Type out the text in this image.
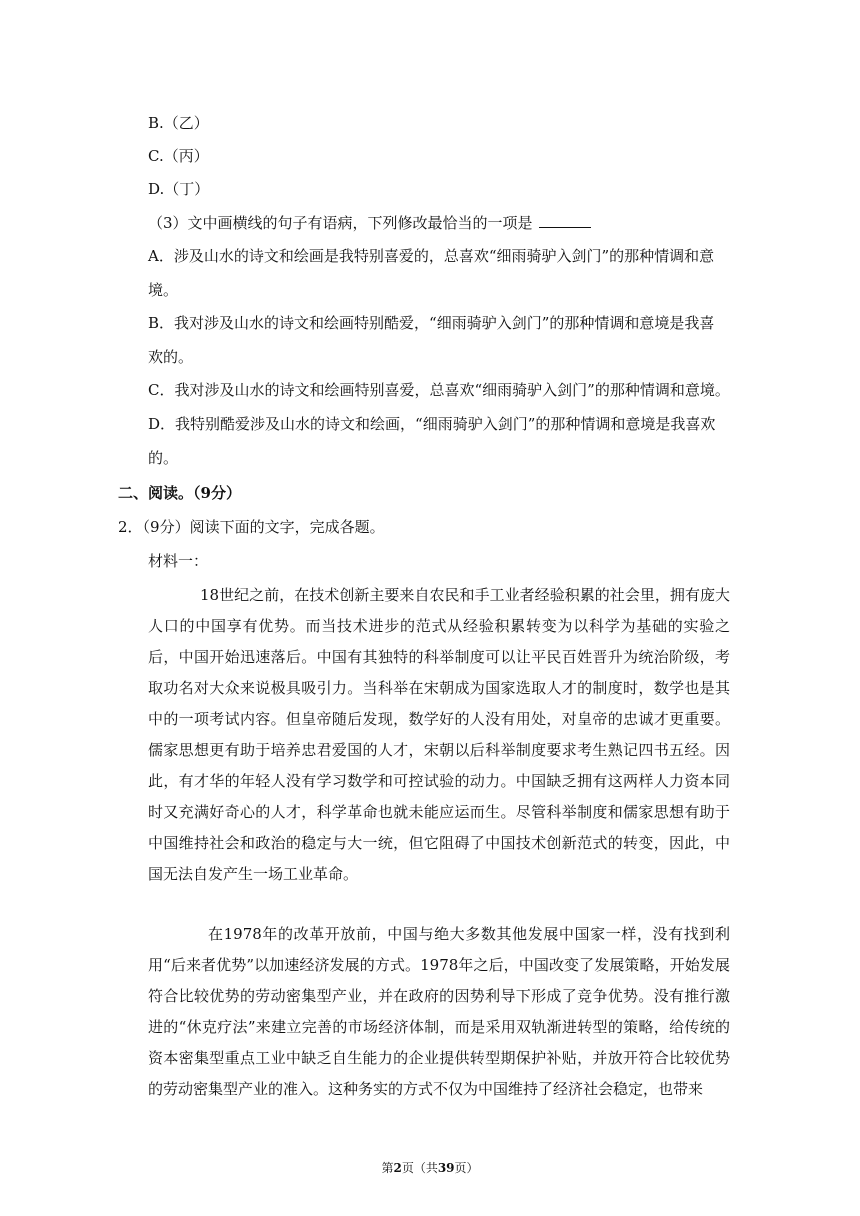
B.（乙）
C.（丙）
D.（丁）
（3）文中画横线的句子有语病，下列修改最恰当的一项是
A．涉及山水的诗文和绘画是我特别喜爱的，总喜欢“细雨骑驴入剑门”的那种情调和意
境。
B．我对涉及山水的诗文和绘画特别酷爱，“细雨骑驴入剑门”的那种情调和意境是我喜
欢的。
C．我对涉及山水的诗文和绘画特别喜爱，总喜欢“细雨骑驴入剑门”的那种情调和意境。
D．我特别酷爱涉及山水的诗文和绘画，“细雨骑驴入剑门”的那种情调和意境是我喜欢
的。
二、阅读。（9分）
2．（9分）阅读下面的文字，完成各题。
材料一：
18世纪之前，在技术创新主要来自农民和手工业者经验积累的社会里，拥有庞大人口的中国享有优势。而当技术进步的范式从经验积累转变为以科学为基础的实验之后，中国开始迅速落后。中国有其独特的科举制度可以让平民百姓晋升为统治阶级，考取功名对大众来说极具吸引力。当科举在宋朝成为国家选取人才的制度时，数学也是其中的一项考试内容。但皇帝随后发现，数学好的人没有用处，对皇帝的忠诚才更重要。儒家思想更有助于培养忠君爱国的人才，宋朝以后科举制度要求考生熟记四书五经。因此，有才华的年轻人没有学习数学和可控试验的动力。中国缺乏拥有这两样人力资本同时又充满好奇心的人才，科学革命也就未能应运而生。尽管科举制度和儒家思想有助于中国维持社会和政治的稳定与大一统，但它阻碍了中国技术创新范式的转变，因此，中国无法自发产生一场工业革命。
在1978年的改革开放前，中国与绝大多数其他发展中国家一样，没有找到利用“后来者优势”以加速经济发展的方式。1978年之后，中国改变了发展策略，开始发展符合比较优势的劳动密集型产业，并在政府的因势利导下形成了竞争优势。没有推行激进的“休克疗法”来建立完善的市场经济体制，而是采用双轨渐进转型的策略，给传统的资本密集型重点工业中缺乏自生能力的企业提供转型期保护补贴，并放开符合比较优势的劳动密集型产业的准入。这种务实的方式不仅为中国维持了经济社会稳定，也带来
第2页（共39页）
